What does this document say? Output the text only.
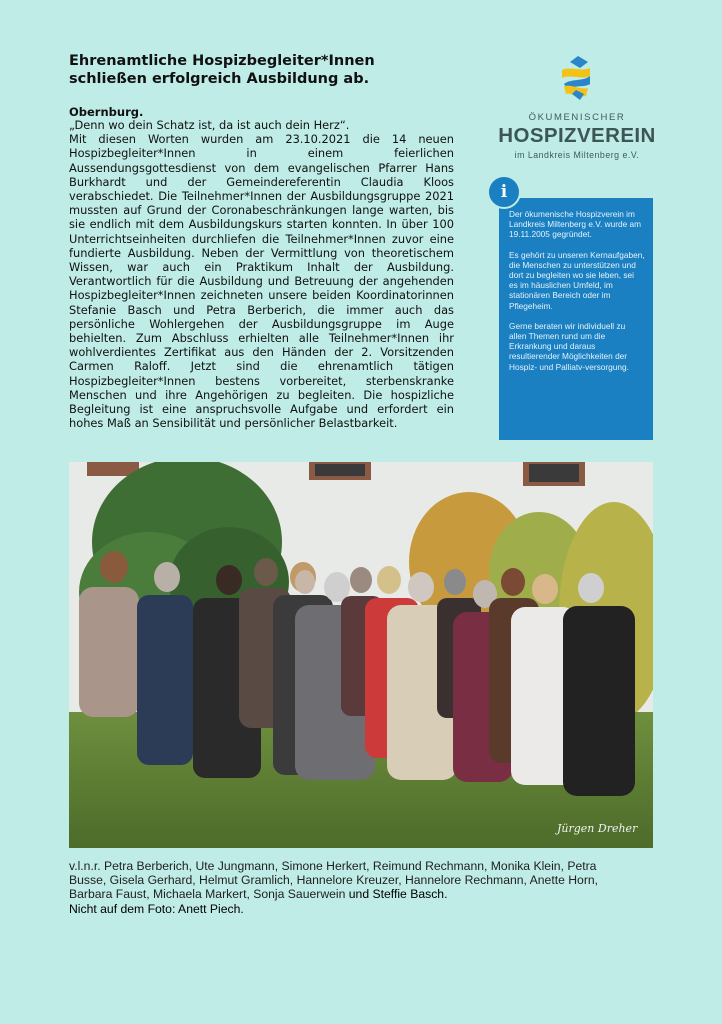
Ehrenamtliche Hospizbegleiter*Innen schließen erfolgreich Ausbildung ab.
Obernburg.

„Denn wo dein Schatz ist, da ist auch dein Herz“.
Mit diesen Worten wurden am 23.10.2021 die 14 neuen Hospizbegleiter*Innen in einem feierlichen Aussendungsgottesdienst von dem evangelischen Pfarrer Hans Burkhardt und der Gemeindereferentin Claudia Kloos verabschiedet. Die Teilnehmer*Innen der Ausbildungsgruppe 2021 mussten auf Grund der Coronabeschränkungen lange warten, bis sie endlich mit dem Ausbildungskurs starten konnten. In über 100 Unterrichtseinheiten durchliefen die Teilnehmer*Innen zuvor eine fundierte Ausbildung. Neben der Vermittlung von theoretischem Wissen, war auch ein Praktikum Inhalt der Ausbildung. Verantwortlich für die Ausbildung und Betreuung der angehenden Hospizbegleiter*Innen zeichneten unsere beiden Koordinatorinnen Stefanie Basch und Petra Berberich, die immer auch das persönliche Wohlergehen der Ausbildungsgruppe im Auge behielten. Zum Abschluss erhielten alle Teilnehmer*Innen ihr wohlverdientes Zertifikat aus den Händen der 2. Vorsitzenden Carmen Raloff. Jetzt sind die ehrenamtlich tätigen Hospizbegleiter*Innen bestens vorbereitet, sterbenskranke Menschen und ihre Angehörigen zu begleiten. Die hospizliche Begleitung ist eine anspruchsvolle Aufgabe und erfordert ein hohes Maß an Sensibilität und persönlicher Belastbarkeit.

ÖKUMENISCHER
HOSPIZVEREIN
im Landkreis Miltenberg e.V.

Der ökumenische Hospizverein im Landkreis Miltenberg e.V. wurde am 19.11.2005 gegründet.

Es gehört zu unseren Kernaufgaben, die Menschen zu unterstützen und dort zu begleiten wo sie leben, sei es im häuslichen Umfeld, im stationären Bereich oder im Pflegeheim.

Gerne beraten wir individuell zu allen Themen rund um die Erkrankung und daraus resultierender Möglichkeiten der Hospiz- und Palliatv-versorgung.

i
Jürgen Dreher
v.l.n.r. Petra Berberich, Ute Jungmann, Simone Herkert, Reimund Rechmann, Monika Klein, Petra Busse, Gisela Gerhard, Helmut Gramlich, Hannelore Kreuzer, Hannelore Rechmann, Anette Horn, Barbara Faust, Michaela Markert, Sonja Sauerwein und Steffie Basch.
Nicht auf dem Foto: Anett Piech.
